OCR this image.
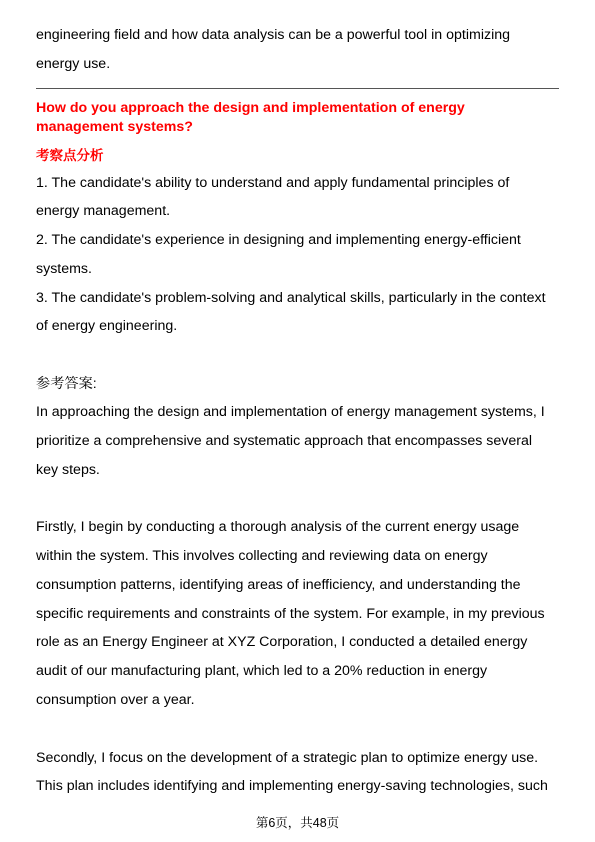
engineering field and how data analysis can be a powerful tool in optimizing
energy use.
How do you approach the design and implementation of energy
management systems?
考察点分析
1. The candidate's ability to understand and apply fundamental principles of
energy management.
2. The candidate's experience in designing and implementing energy-efficient
systems.
3. The candidate's problem-solving and analytical skills, particularly in the context
of energy engineering.
参考答案:
In approaching the design and implementation of energy management systems, I
prioritize a comprehensive and systematic approach that encompasses several
key steps.
Firstly, I begin by conducting a thorough analysis of the current energy usage
within the system. This involves collecting and reviewing data on energy
consumption patterns, identifying areas of inefficiency, and understanding the
specific requirements and constraints of the system. For example, in my previous
role as an Energy Engineer at XYZ Corporation, I conducted a detailed energy
audit of our manufacturing plant, which led to a 20% reduction in energy
consumption over a year.
Secondly, I focus on the development of a strategic plan to optimize energy use.
This plan includes identifying and implementing energy-saving technologies, such
第6页，共48页
